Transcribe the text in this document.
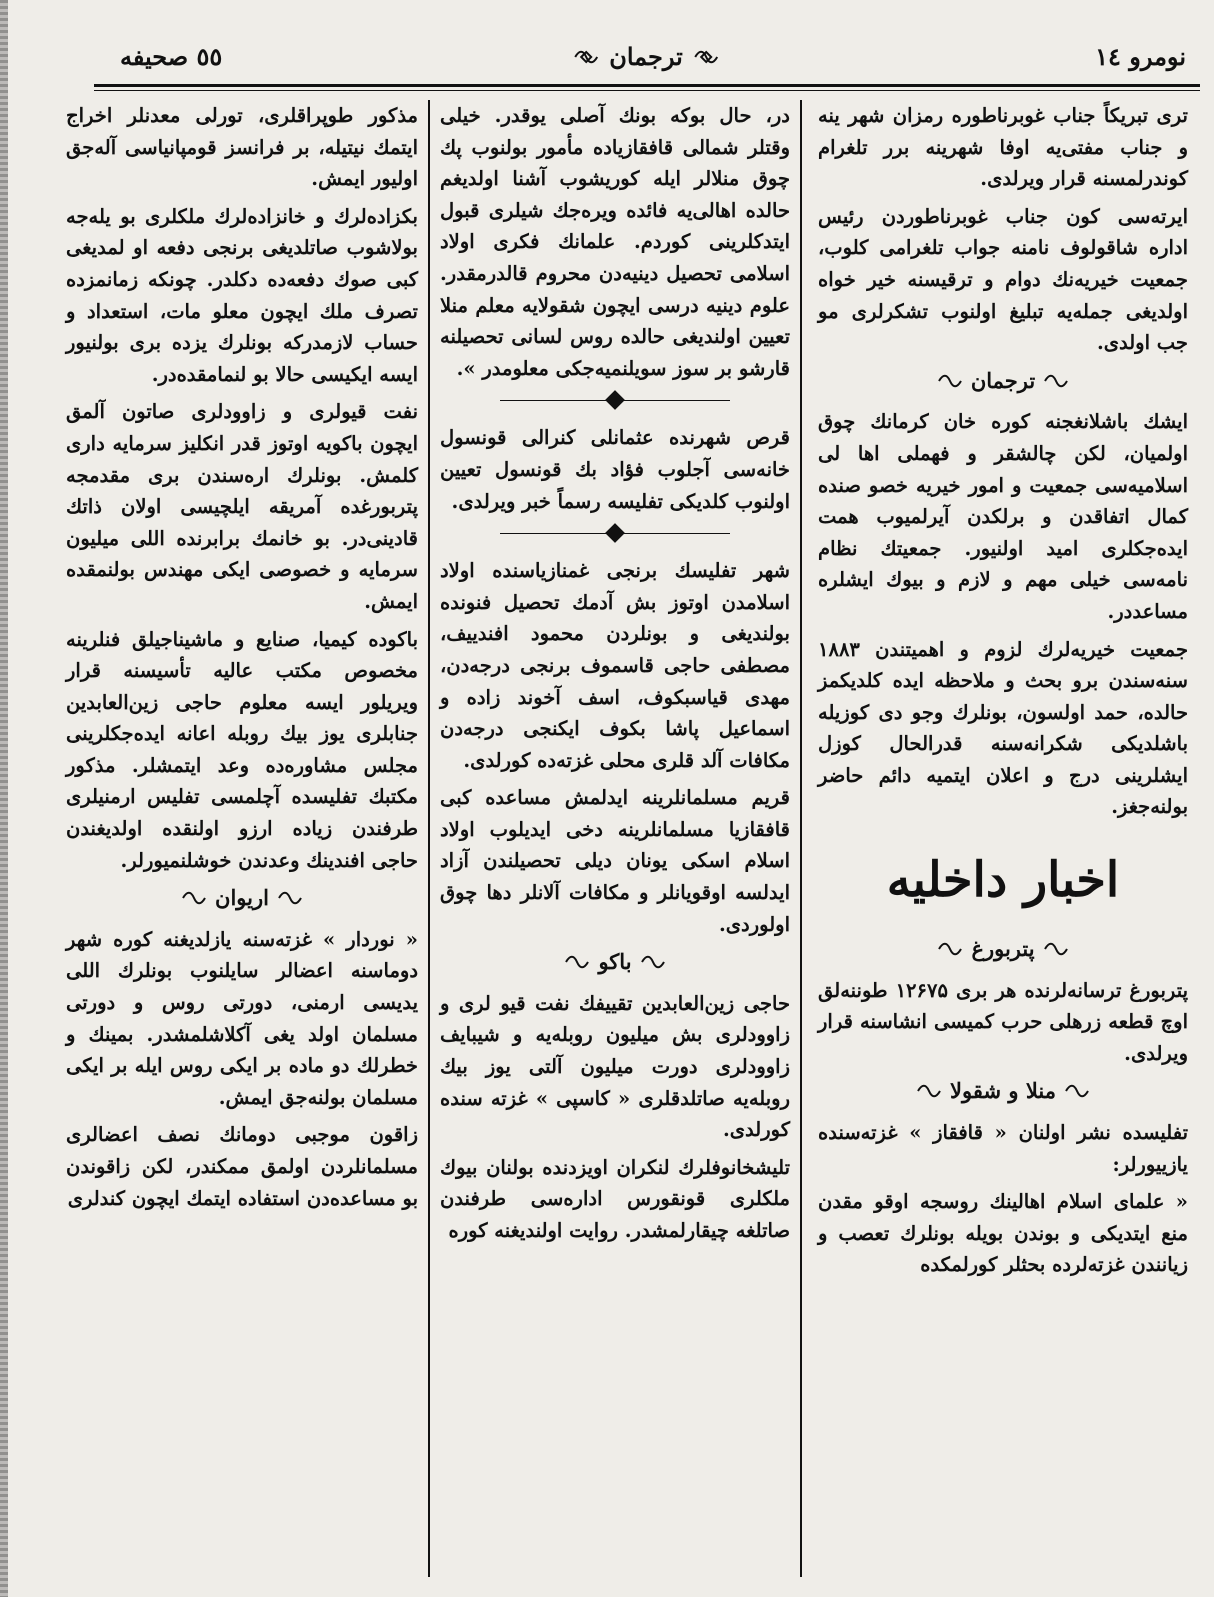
نومرو ١٤
ترجمان
٥٥ صحيفه

تری تبریکاً جناب غوبرناطوره رمزان شهر ینه و جناب مفتی‌یه اوفا شهرینه برر تلغرام کوندرلمسنه قرار ویرلدی.

ایرته‌سی کون جناب غوبرناطوردن رئیس اداره شاقولوف نامنه جواب تلغرامی کلوب، جمعیت خیریه‌نك دوام و ترقیسنه خیر خواه اولدیغی جمله‌یه تبلیغ اولنوب تشکرلری مو جب اولدی.

ترجمان

ایشك باشلانغجنه کوره خان کرمانك چوق اولمیان، لکن چالشقر و فهملی اها لی اسلامیه‌سی جمعیت و امور خیریه خصو صنده کمال اتفاقدن و برلکدن آیرلمیوب همت ایده‌جکلری امید اولنیور. جمعیتك نظام نامه‌سی خیلی مهم و لازم و بیوك ایشلره مساعددر.

جمعیت خیریه‌لرك لزوم و اهمیتندن ۱۸۸۳ سنه‌سندن برو بحث و ملاحظه ایده کلدیکمز حالده، حمد اولسون، بونلرك وجو دی کوزیله باشلدیکی شکرانه‌سنه قدرالحال کوزل ایشلرینی درج و اعلان ایتمیه دائم حاضر بولنه‌جغز.

اخبار داخلیه
پتربورغ

پتربورغ ترسانه‌لرنده هر بری ۱۲۶۷۵ طوننه‌لق اوچ قطعه زرهلی حرب کمیسی انشاسنه قرار ویرلدی.

منلا و شقولا

تفلیسده نشر اولنان « قافقاز » غزته‌سنده یازییورلر:

« علمای اسلام اهالینك روسجه اوقو مقدن منع ایتدیکی و بوندن بویله بونلرك تعصب و زیانندن غزته‌لرده بحثلر کورلمکده

در، حال بوکه بونك آصلی یوقدر. خیلی وقتلر شمالی قافقازیاده مأمور بولنوب پك چوق منلالر ایله کوریشوب آشنا اولدیغم حالده اهالی‌یه فائده ویره‌جك شیلری قبول ایتدکلرینی کوردم. علمانك فکری اولاد اسلامی تحصیل دینیه‌دن محروم قالدرمقدر. علوم دینیه درسی ایچون شقولایه معلم منلا تعیین اولندیغی حالده روس لسانی تحصیلنه قارشو بر سوز سویلنمیه‌جکی معلومدر ».

قرص شهرنده عثمانلی کنرالی قونسول خانه‌سی آجلوب فؤاد بك قونسول تعیین اولنوب کلدیکی تفلیسه رسماً خبر ویرلدی.

شهر تفلیسك برنجی غمنازیاسنده اولاد اسلامدن اوتوز بش آدمك تحصیل فنونده بولندیغی و بونلردن محمود افندییف، مصطفی حاجی قاسموف برنجی درجه‌دن، مهدی قیاسبکوف، اسف آخوند زاده و اسماعیل پاشا بکوف ایکنجی درجه‌دن مکافات آلد قلری محلی غزته‌ده کورلدی.

قریم مسلمانلرینه ایدلمش مساعده کبی قافقازیا مسلمانلرینه دخی ایدیلوب اولاد اسلام اسکی یونان دیلی تحصیلندن آزاد ایدلسه اوقویانلر و مکافات آلانلر دها چوق اولوردی.

باکو

حاجی زین‌العابدین تقییفك نفت قیو لری و زاوودلری بش میلیون روبله‌یه و شیبایف زاوودلری دورت میلیون آلتی یوز بیك روبله‌یه صاتلدقلری « کاسپی » غزته سنده کورلدی.

تلیشخانوفلرك لنکران اویزدنده بولنان بیوك ملکلری قونقورس اداره‌سی طرفندن صاتلغه چیقارلمشدر. روایت اولندیغنه کوره

مذکور طوپراقلری، تورلی معدنلر اخراج ایتمك نیتیله، بر فرانسز قومپانیاسی آله‌جق اولیور ایمش.

بکزاده‌لرك و خانزاده‌لرك ملکلری بو یله‌جه بولاشوب صاتلدیغی برنجی دفعه او لمدیغی کبی صوك دفعه‌ده دکلدر. چونکه زمانمزده تصرف ملك ایچون معلو مات، استعداد و حساب لازمدرکه بونلرك یزده بری بولنیور ایسه ایکیسی حالا بو لنمامقده‌در.

نفت قیولری و زاوودلری صاتون آلمق ایچون باکویه اوتوز قدر انکلیز سرمایه داری کلمش. بونلرك اره‌سندن بری مقدمجه پتربورغده آمریقه ایلچیسی اولان ذاتك قادینی‌در. بو خانمك برابرنده اللی میلیون سرمایه و خصوصی ایکی مهندس بولنمقده ایمش.

باکوده کیمیا، صنایع و ماشیناجیلق فنلرینه مخصوص مکتب عالیه تأسیسنه قرار ویریلور ایسه معلوم حاجی زین‌العابدین جنابلری یوز بیك روبله اعانه ایده‌جکلرینی مجلس مشاوره‌ده وعد ایتمشلر. مذکور مکتبك تفلیسده آچلمسی تفلیس ارمنیلری طرفندن زیاده ارزو اولنقده اولدیغندن حاجی افندینك وعدندن خوشلنمیورلر.

اریوان

« نوردار » غزته‌سنه یازلدیغنه کوره شهر دوماسنه اعضالر سایلنوب بونلرك اللی یدیسی ارمنی، دورتی روس و دورتی مسلمان اولد یغی آکلاشلمشدر. بمینك و خطرلك دو ماده بر ایکی روس ایله بر ایکی مسلمان بولنه‌جق ایمش.

زاقون موجبی دومانك نصف اعضالری مسلمانلردن اولمق ممکندر، لکن زاقوندن بو مساعده‌دن استفاده ایتمك ایچون کندلری
